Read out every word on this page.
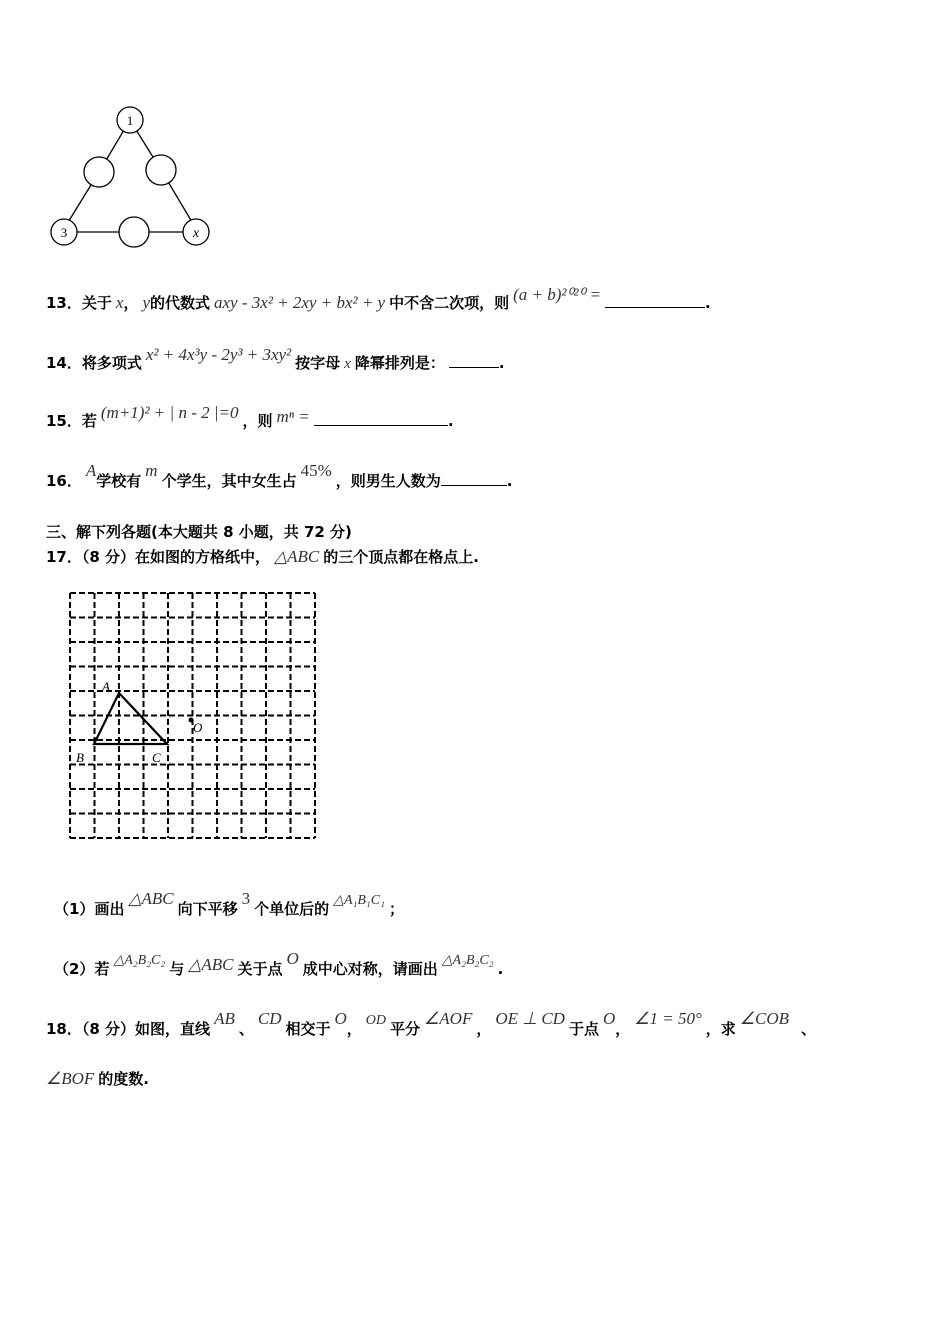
1
3	x
13．关于 x， y的代数式 axy - 3x² + 2xy + bx² + y 中不含二次项，则 (a + b)²⁰²⁰ =	.
14．将多项式 x² + 4x³y - 2y³ + 3xy² 按字母 x 降幂排列是：	.
15．若 (m+1)² + | n - 2 |=0 ，则 mⁿ =	.
16． A学校有 m 个学生，其中女生占 45% ，则男生人数为	.
三、解下列各题(本大题共 8 小题，共 72 分)
17．（8 分）在如图的方格纸中， △ABC 的三个顶点都在格点上.
A
B	C
O
（1）画出 △ABC 向下平移 3 个单位后的 △A₁B₁C₁ ；
（2）若 △A₂B₂C₂ 与 △ABC 关于点 O 成中心对称，请画出 △A₂B₂C₂ .
18．（8 分）如图，直线 AB 、 CD 相交于 O， OD 平分 ∠AOF ， OE ⊥ CD 于点 O， ∠1 = 50° ，求 ∠COB 、
∠BOF 的度数.
